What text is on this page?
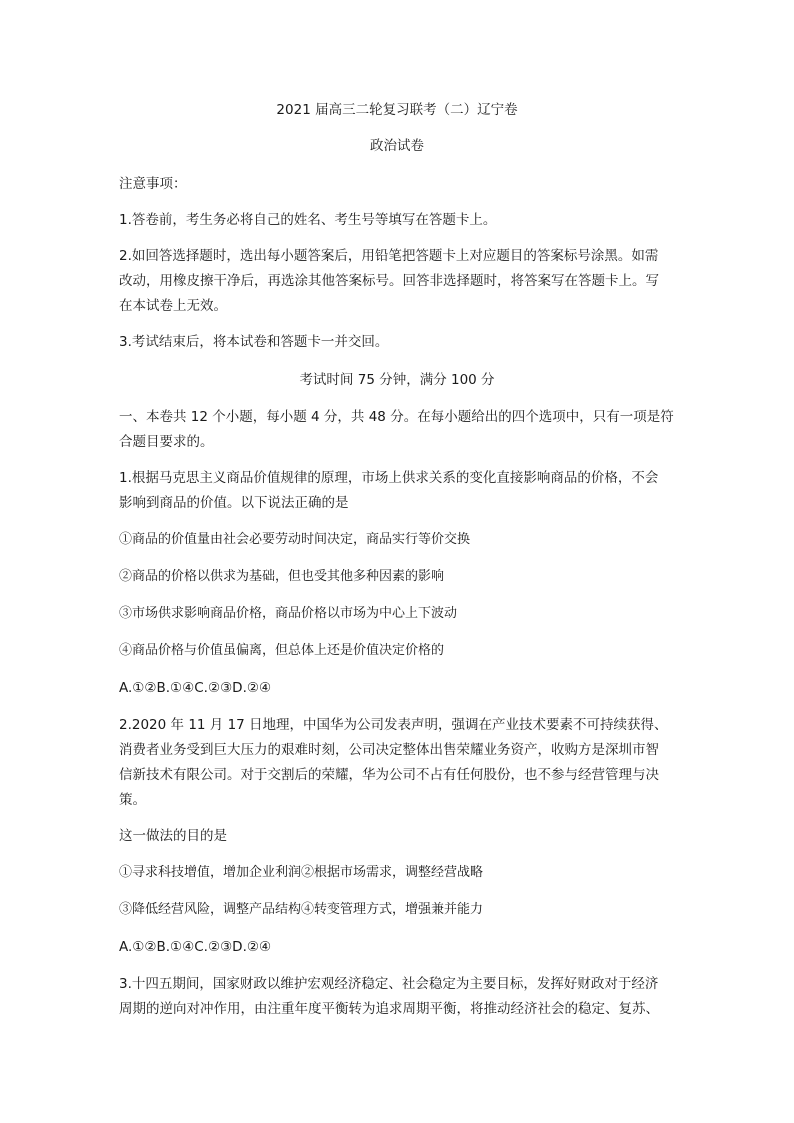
2021 届高三二轮复习联考（二）辽宁卷

政治试卷

注意事项：

1.答卷前，考生务必将自己的姓名、考生号等填写在答题卡上。

2.如回答选择题时，选出每小题答案后，用铅笔把答题卡上对应题目的答案标号涂黑。如需

改动，用橡皮擦干净后，再选涂其他答案标号。回答非选择题时，将答案写在答题卡上。写

在本试卷上无效。

3.考试结束后，将本试卷和答题卡一并交回。

考试时间 75 分钟，满分 100 分

一、本卷共 12 个小题，每小题 4 分，共 48 分。在每小题给出的四个选项中，只有一项是符

合题目要求的。

1.根据马克思主义商品价值规律的原理，市场上供求关系的变化直接影响商品的价格，不会

影响到商品的价值。以下说法正确的是

①商品的价值量由社会必要劳动时间决定，商品实行等价交换

②商品的价格以供求为基础，但也受其他多种因素的影响

③市场供求影响商品价格，商品价格以市场为中心上下波动

④商品价格与价值虽偏离，但总体上还是价值决定价格的

A.①②B.①④C.②③D.②④

2.2020 年 11 月 17 日地理，中国华为公司发表声明，强调在产业技术要素不可持续获得、

消费者业务受到巨大压力的艰难时刻，公司决定整体出售荣耀业务资产，收购方是深圳市智

信新技术有限公司。对于交割后的荣耀，华为公司不占有任何股份，也不参与经营管理与决

策。

这一做法的目的是

①寻求科技增值，增加企业利润②根据市场需求，调整经营战略

③降低经营风险，调整产品结构④转变管理方式，增强兼并能力

A.①②B.①④C.②③D.②④

3.十四五期间，国家财政以维护宏观经济稳定、社会稳定为主要目标，发挥好财政对于经济

周期的逆向对冲作用，由注重年度平衡转为追求周期平衡，将推动经济社会的稳定、复苏、
